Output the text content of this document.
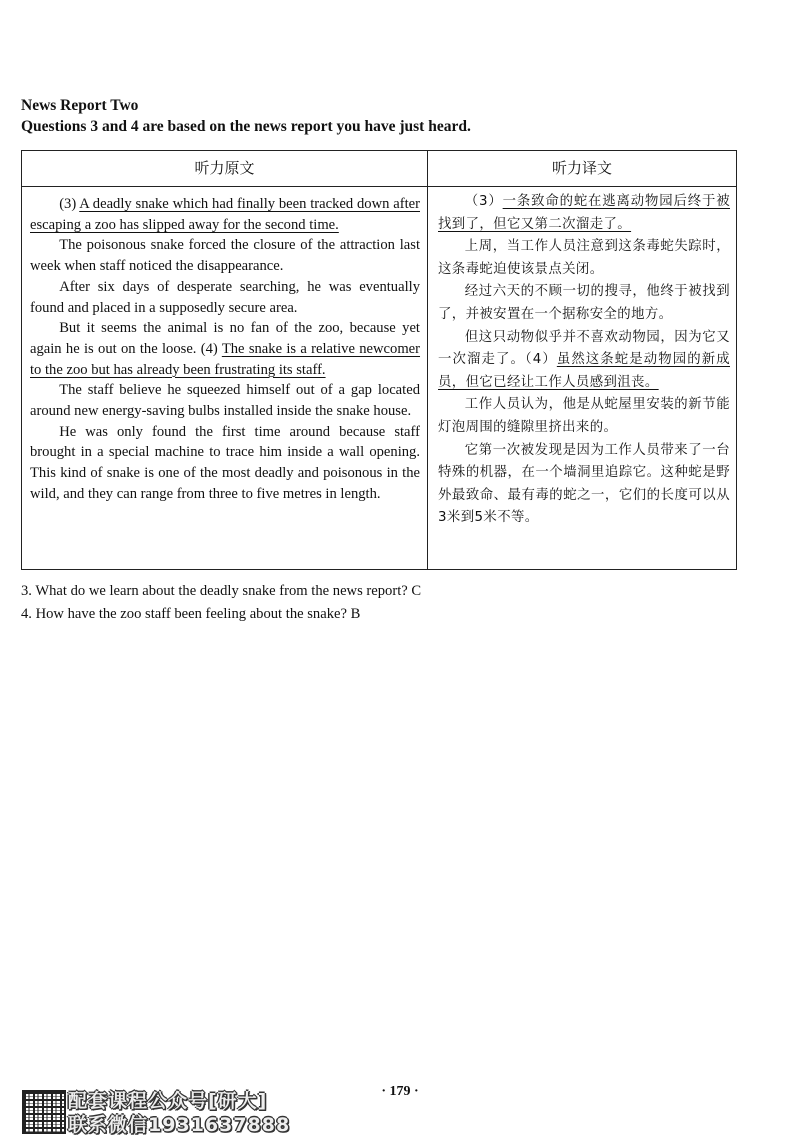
News Report Two
Questions 3 and 4 are based on the news report you have just heard.
听力原文	听力译文

(3) A deadly snake which had finally been tracked down after escaping a zoo has slipped away for the second time.

The poisonous snake forced the closure of the attraction last week when staff noticed the disappearance.

After six days of desperate searching, he was eventually found and placed in a supposedly secure area.

But it seems the animal is no fan of the zoo, because yet again he is out on the loose. (4) The snake is a relative newcomer to the zoo but has already been frustrating its staff.

The staff believe he squeezed himself out of a gap located around new energy-saving bulbs installed inside the snake house.

He was only found the first time around because staff brought in a special machine to trace him inside a wall opening. This kind of snake is one of the most deadly and poisonous in the wild, and they can range from three to five metres in length.

（3）一条致命的蛇在逃离动物园后终于被找到了，但它又第二次溜走了。

上周，当工作人员注意到这条毒蛇失踪时，这条毒蛇迫使该景点关闭。

经过六天的不顾一切的搜寻，他终于被找到了，并被安置在一个据称安全的地方。

但这只动物似乎并不喜欢动物园，因为它又一次溜走了。（4）虽然这条蛇是动物园的新成员，但它已经让工作人员感到沮丧。

工作人员认为，他是从蛇屋里安装的新节能灯泡周围的缝隙里挤出来的。

它第一次被发现是因为工作人员带来了一台特殊的机器，在一个墙洞里追踪它。这种蛇是野外最致命、最有毒的蛇之一，它们的长度可以从3米到5米不等。

3. What do we learn about the deadly snake from the news report? C
4. How have the zoo staff been feeling about the snake? B
· 179 ·
配套课程公众号[研大]
联系微信1931637888
